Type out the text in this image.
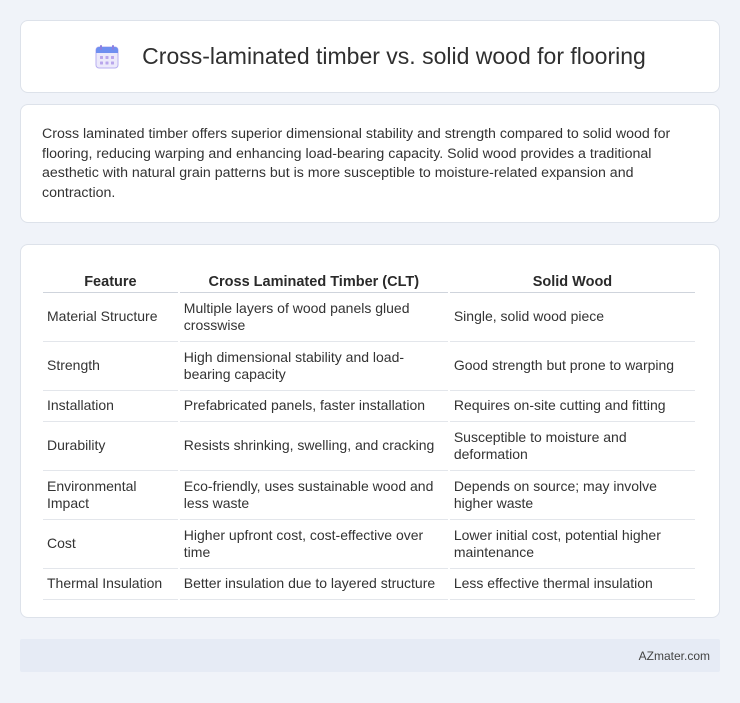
Cross-laminated timber vs. solid wood for flooring

Cross laminated timber offers superior dimensional stability and strength compared to solid wood for flooring, reducing warping and enhancing load-bearing capacity. Solid wood provides a traditional aesthetic with natural grain patterns but is more susceptible to moisture-related expansion and contraction.

Feature	Cross Laminated Timber (CLT)	Solid Wood
Material Structure	Multiple layers of wood panels glued crosswise	Single, solid wood piece
Strength	High dimensional stability and load-bearing capacity	Good strength but prone to warping
Installation	Prefabricated panels, faster installation	Requires on-site cutting and fitting
Durability	Resists shrinking, swelling, and cracking	Susceptible to moisture and deformation
Environmental Impact	Eco-friendly, uses sustainable wood and less waste	Depends on source; may involve higher waste
Cost	Higher upfront cost, cost-effective over time	Lower initial cost, potential higher maintenance
Thermal Insulation	Better insulation due to layered structure	Less effective thermal insulation
AZmater.com
